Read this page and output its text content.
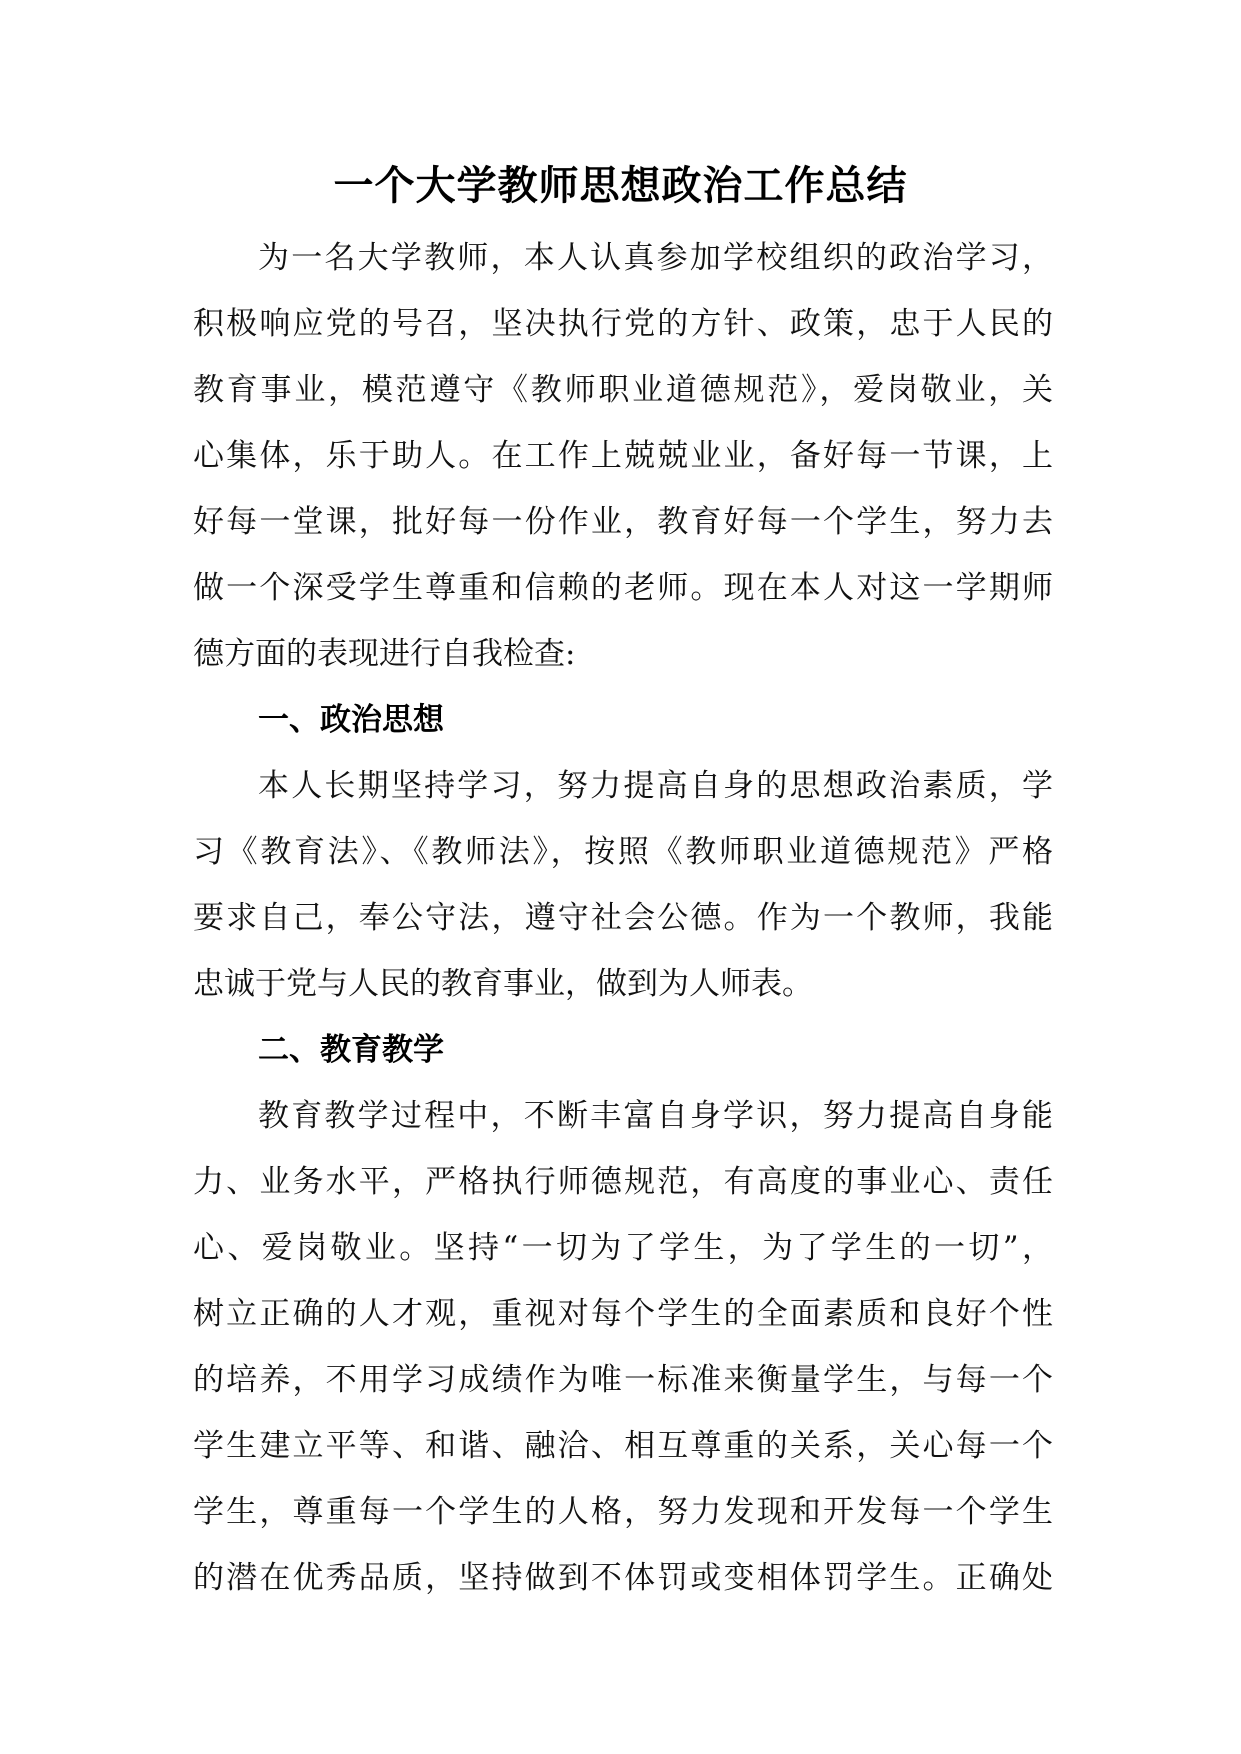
一个大学教师思想政治工作总结
为一名大学教师，本人认真参加学校组织的政治学习，
积极响应党的号召，坚决执行党的方针、政策，忠于人民的
教育事业，模范遵守《教师职业道德规范》，爱岗敬业，关
心集体，乐于助人。在工作上兢兢业业，备好每一节课，上
好每一堂课，批好每一份作业，教育好每一个学生，努力去
做一个深受学生尊重和信赖的老师。现在本人对这一学期师
德方面的表现进行自我检查:
一、政治思想
本人长期坚持学习，努力提高自身的思想政治素质，学
习《教育法》、《教师法》，按照《教师职业道德规范》严格
要求自己，奉公守法，遵守社会公德。作为一个教师，我能
忠诚于党与人民的教育事业，做到为人师表。
二、教育教学
教育教学过程中，不断丰富自身学识，努力提高自身能
力、业务水平，严格执行师德规范，有高度的事业心、责任
心、爱岗敬业。坚持“一切为了学生，为了学生的一切”，
树立正确的人才观，重视对每个学生的全面素质和良好个性
的培养，不用学习成绩作为唯一标准来衡量学生，与每一个
学生建立平等、和谐、融洽、相互尊重的关系，关心每一个
学生，尊重每一个学生的人格，努力发现和开发每一个学生
的潜在优秀品质，坚持做到不体罚或变相体罚学生。正确处
